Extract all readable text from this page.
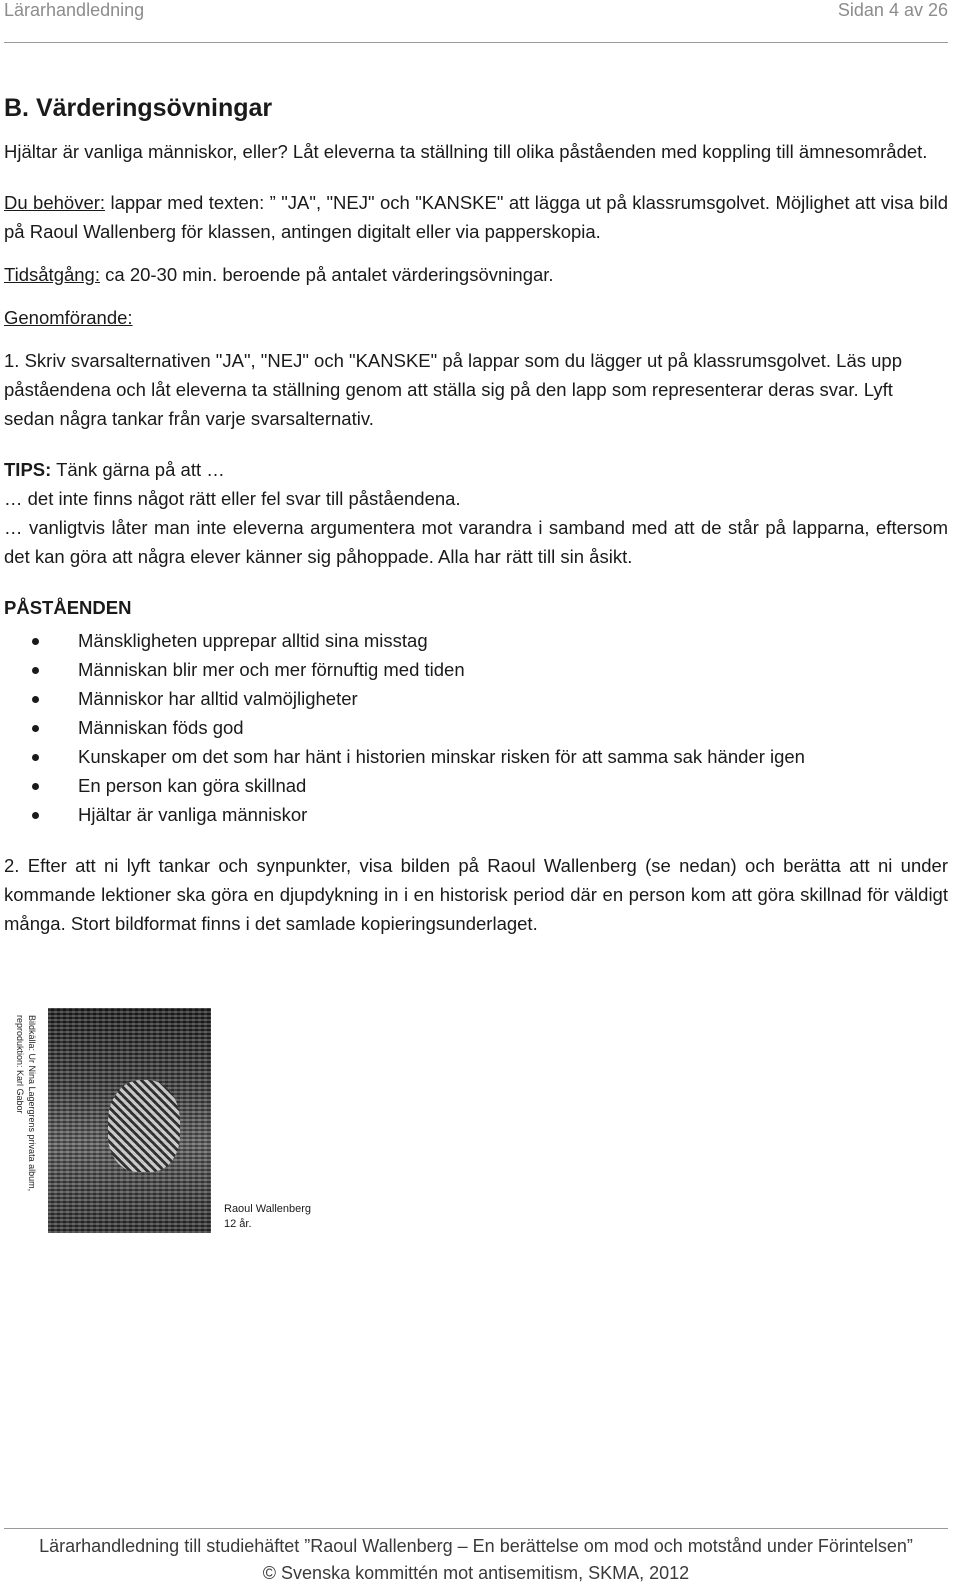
Lärarhandledning	Sidan 4 av 26
B. Värderingsövningar

Hjältar är vanliga människor, eller? Låt eleverna ta ställning till olika påståenden med koppling till ämnesområdet.

Du behöver: lappar med texten: ” "JA", "NEJ" och "KANSKE" att lägga ut på klassrumsgolvet. Möjlighet att visa bild på Raoul Wallenberg för klassen, antingen digitalt eller via papperskopia.

Tidsåtgång: ca 20-30 min. beroende på antalet värderingsövningar.

Genomförande:

1. Skriv svarsalternativen "JA", "NEJ" och "KANSKE" på lappar som du lägger ut på klassrumsgolvet. Läs upp påståendena och låt eleverna ta ställning genom att ställa sig på den lapp som representerar deras svar. Lyft sedan några tankar från varje svarsalternativ.

TIPS: Tänk gärna på att …

… det inte finns något rätt eller fel svar till påståendena.

… vanligtvis låter man inte eleverna argumentera mot varandra i samband med att de står på lapparna, eftersom det kan göra att några elever känner sig påhoppade. Alla har rätt till sin åsikt.

PÅSTÅENDEN

Mänskligheten upprepar alltid sina misstag
Människan blir mer och mer förnuftig med tiden
Människor har alltid valmöjligheter
Människan föds god
Kunskaper om det som har hänt i historien minskar risken för att samma sak händer igen
En person kan göra skillnad
Hjältar är vanliga människor

2. Efter att ni lyft tankar och synpunkter, visa bilden på Raoul Wallenberg (se nedan) och berätta att ni under kommande lektioner ska göra en djupdykning in i en historisk period där en person kom att göra skillnad för väldigt många. Stort bildformat finns i det samlade kopieringsunderlaget.

Bildkälla: Ur Nina Lagergrens privata album,
reproduktion: Karl Gabor
Raoul Wallenberg
12 år.
Lärarhandledning till studiehäftet ”Raoul Wallenberg – En berättelse om mod och motstånd under Förintelsen”
© Svenska kommittén mot antisemitism, SKMA, 2012
